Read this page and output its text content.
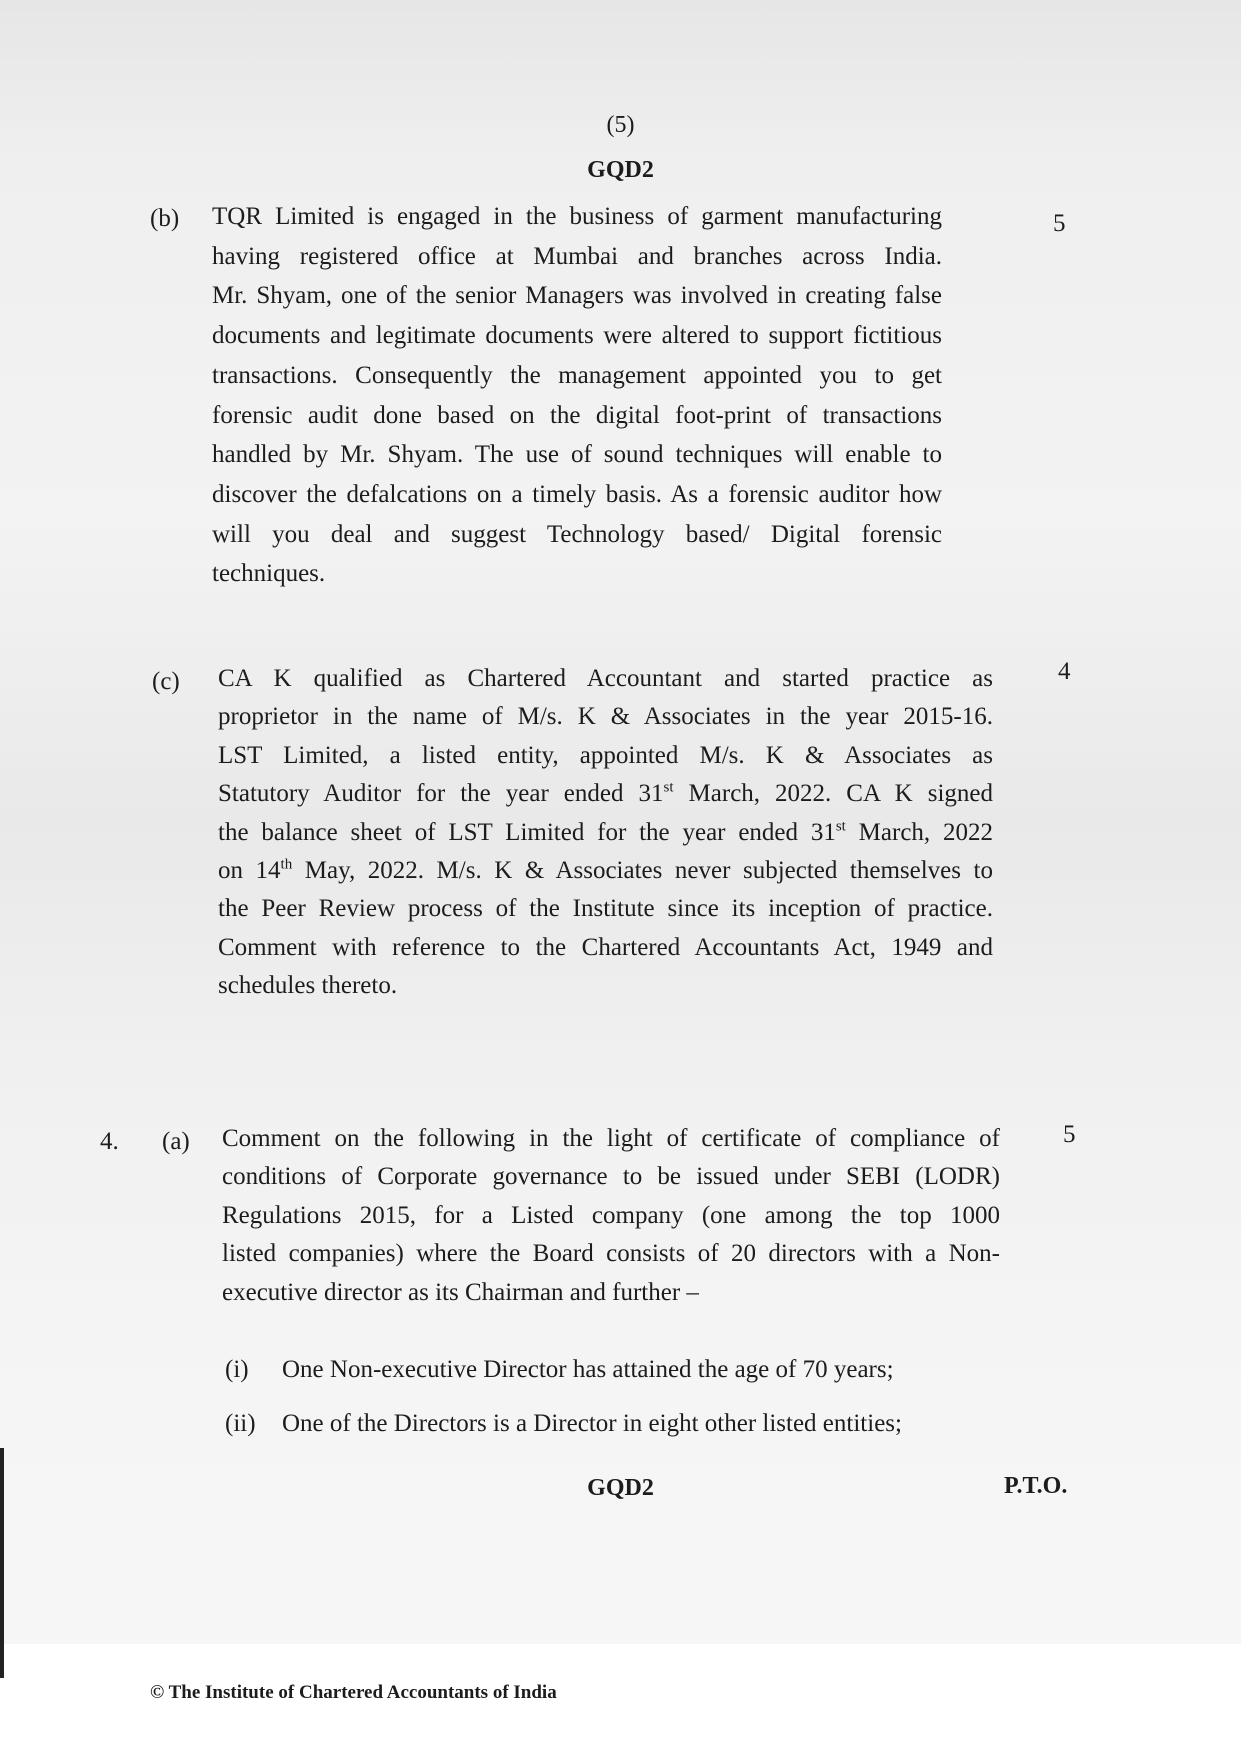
(5)
GQD2
(b) TQR Limited is engaged in the business of garment manufacturing
having registered office at Mumbai and branches across India.
Mr. Shyam, one of the senior Managers was involved in creating false
documents and legitimate documents were altered to support fictitious
transactions. Consequently the management appointed you to get
forensic audit done based on the digital foot-print of transactions
handled by Mr. Shyam. The use of sound techniques will enable to
discover the defalcations on a timely basis. As a forensic auditor how
will you deal and suggest Technology based/ Digital forensic
techniques.
5
(c) CA K qualified as Chartered Accountant and started practice as
proprietor in the name of M/s. K & Associates in the year 2015-16.
LST Limited, a listed entity, appointed M/s. K & Associates as
Statutory Auditor for the year ended 31st March, 2022. CA K signed
the balance sheet of LST Limited for the year ended 31st March, 2022
on 14th May, 2022. M/s. K & Associates never subjected themselves to
the Peer Review process of the Institute since its inception of practice.
Comment with reference to the Chartered Accountants Act, 1949 and
schedules thereto.
4
4. (a) Comment on the following in the light of certificate of compliance of
conditions of Corporate governance to be issued under SEBI (LODR)
Regulations 2015, for a Listed company (one among the top 1000
listed companies) where the Board consists of 20 directors with a Non-
executive director as its Chairman and further –
5
(i) One Non-executive Director has attained the age of 70 years;
(ii) One of the Directors is a Director in eight other listed entities;
GQD2	P.T.O.
© The Institute of Chartered Accountants of India
